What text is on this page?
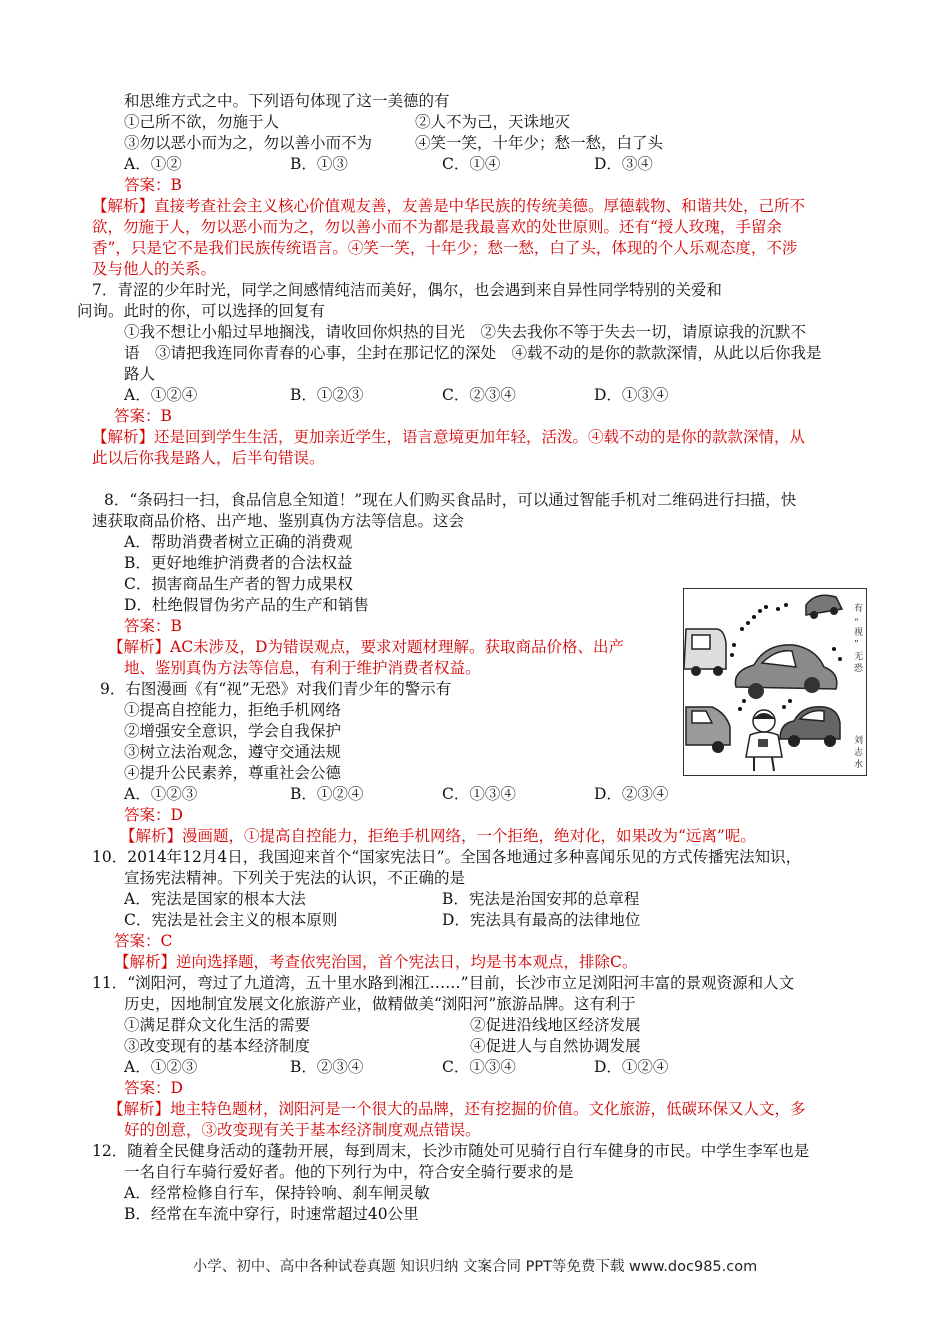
和思维方式之中。下列语句体现了这一美德的有
①己所不欲，勿施于人	②人不为己，天诛地灭
③勿以恶小而为之，勿以善小而不为	④笑一笑，十年少；愁一愁，白了头
A．①②	B．①③	C．①④	D．③④
答案：B
【解析】直接考查社会主义核心价值观友善，友善是中华民族的传统美德。厚德载物、和谐共处，己所不
欲，勿施于人，勿以恶小而为之，勿以善小而不为都是我最喜欢的处世原则。还有“授人玫瑰，手留余
香”，只是它不是我们民族传统语言。④笑一笑，十年少；愁一愁，白了头，体现的个人乐观态度，不涉
及与他人的关系。
7．青涩的少年时光，同学之间感情纯洁而美好，偶尔，也会遇到来自异性同学特别的关爱和
问询。此时的你，可以选择的回复有
①我不想让小船过早地搁浅，请收回你炽热的目光　②失去我你不等于失去一切，请原谅我的沉默不
语　③请把我连同你青春的心事，尘封在那记忆的深处　④载不动的是你的款款深情，从此以后你我是
路人
A．①②④	B．①②③	C．②③④	D．①③④
答案：B
【解析】还是回到学生生活，更加亲近学生，语言意境更加年轻，活泼。④载不动的是你的款款深情，从
此以后你我是路人，后半句错误。
8．“条码扫一扫，食品信息全知道！”现在人们购买食品时，可以通过智能手机对二维码进行扫描，快
速获取商品价格、出产地、鉴别真伪方法等信息。这会
A．帮助消费者树立正确的消费观
B．更好地维护消费者的合法权益
C．损害商品生产者的智力成果权
D．杜绝假冒伪劣产品的生产和销售
答案：B
【解析】AC未涉及，D为错误观点，要求对题材理解。获取商品价格、出产
地、鉴别真伪方法等信息，有利于维护消费者权益。
有
“
视
”
无
恐
刘
志
水
9．右图漫画《有“视”无恐》对我们青少年的警示有
①提高自控能力，拒绝手机网络
②增强安全意识，学会自我保护
③树立法治观念，遵守交通法规
④提升公民素养，尊重社会公德
A．①②③	B．①②④	C．①③④	D．②③④
答案：D
【解析】漫画题，①提高自控能力，拒绝手机网络，一个拒绝，绝对化，如果改为“远离”呢。
10．2014年12月4日，我国迎来首个“国家宪法日”。全国各地通过多种喜闻乐见的方式传播宪法知识，
宣扬宪法精神。下列关于宪法的认识，不正确的是
A．宪法是国家的根本大法	B．宪法是治国安邦的总章程
C．宪法是社会主义的根本原则	D．宪法具有最高的法律地位
答案：C
【解析】逆向选择题，考查依宪治国，首个宪法日，均是书本观点，排除C。
11．“浏阳河，弯过了九道湾，五十里水路到湘江……”目前，长沙市立足浏阳河丰富的景观资源和人文
历史，因地制宜发展文化旅游产业，做精做美“浏阳河”旅游品牌。这有利于
①满足群众文化生活的需要	②促进沿线地区经济发展
③改变现有的基本经济制度	④促进人与自然协调发展
A．①②③	B．②③④	C．①③④	D．①②④
答案：D
【解析】地主特色题材，浏阳河是一个很大的品牌，还有挖掘的价值。文化旅游，低碳环保又人文，多
好的创意，③改变现有关于基本经济制度观点错误。
12．随着全民健身活动的蓬勃开展，每到周末，长沙市随处可见骑行自行车健身的市民。中学生李军也是
一名自行车骑行爱好者。他的下列行为中，符合安全骑行要求的是
A．经常检修自行车，保持铃响、刹车闸灵敏
B．经常在车流中穿行，时速常超过40公里
小学、初中、高中各种试卷真题 知识归纳 文案合同 PPT等免费下载 www.doc985.com
